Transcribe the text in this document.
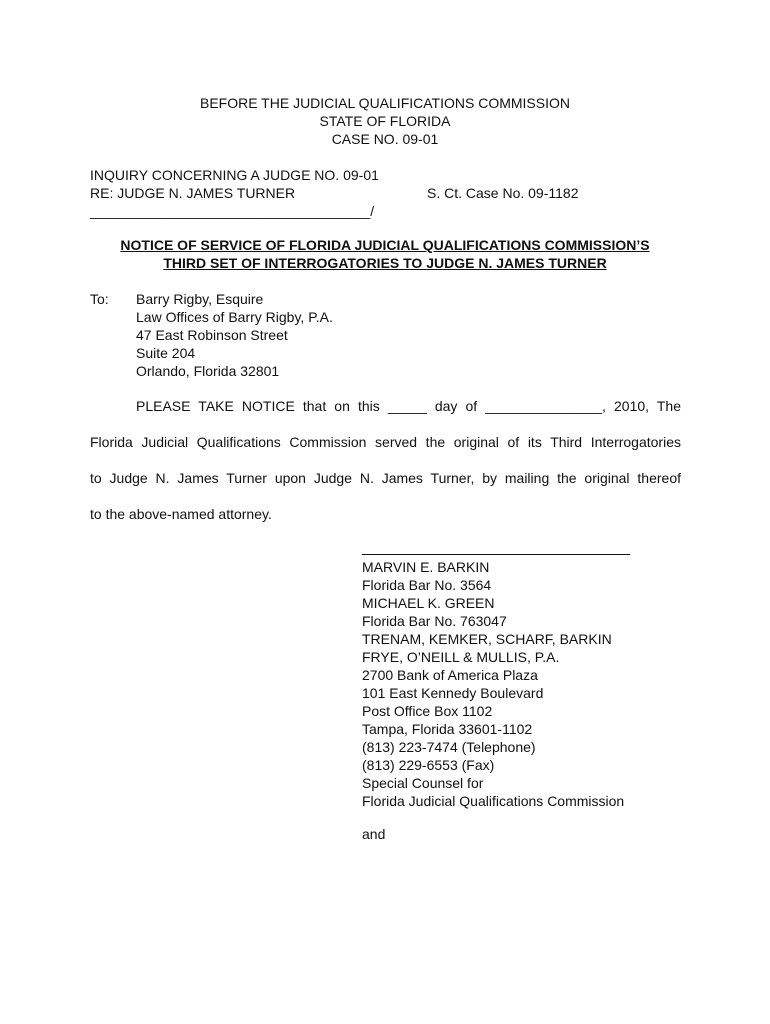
BEFORE THE JUDICIAL QUALIFICATIONS COMMISSION
STATE OF FLORIDA
CASE NO. 09-01
INQUIRY CONCERNING A JUDGE NO. 09-01
RE: JUDGE N. JAMES TURNER	S. Ct. Case No. 09-1182
____________________________________/
NOTICE OF SERVICE OF FLORIDA JUDICIAL QUALIFICATIONS COMMISSION’S
THIRD SET OF INTERROGATORIES TO JUDGE N. JAMES TURNER
To: Barry Rigby, Esquire
Law Offices of Barry Rigby, P.A.
47 East Robinson Street
Suite 204
Orlando, Florida 32801
PLEASE TAKE NOTICE that on this _____ day of _______________, 2010, The
Florida Judicial Qualifications Commission served the original of its Third Interrogatories
to Judge N. James Turner upon Judge N. James Turner, by mailing the original thereof
to the above-named attorney.
MARVIN E. BARKIN
Florida Bar No. 3564
MICHAEL K. GREEN
Florida Bar No. 763047
TRENAM, KEMKER, SCHARF, BARKIN
FRYE, O’NEILL & MULLIS, P.A.
2700 Bank of America Plaza
101 East Kennedy Boulevard
Post Office Box 1102
Tampa, Florida 33601-1102
(813) 223-7474 (Telephone)
(813) 229-6553 (Fax)
Special Counsel for
Florida Judicial Qualifications Commission
and
